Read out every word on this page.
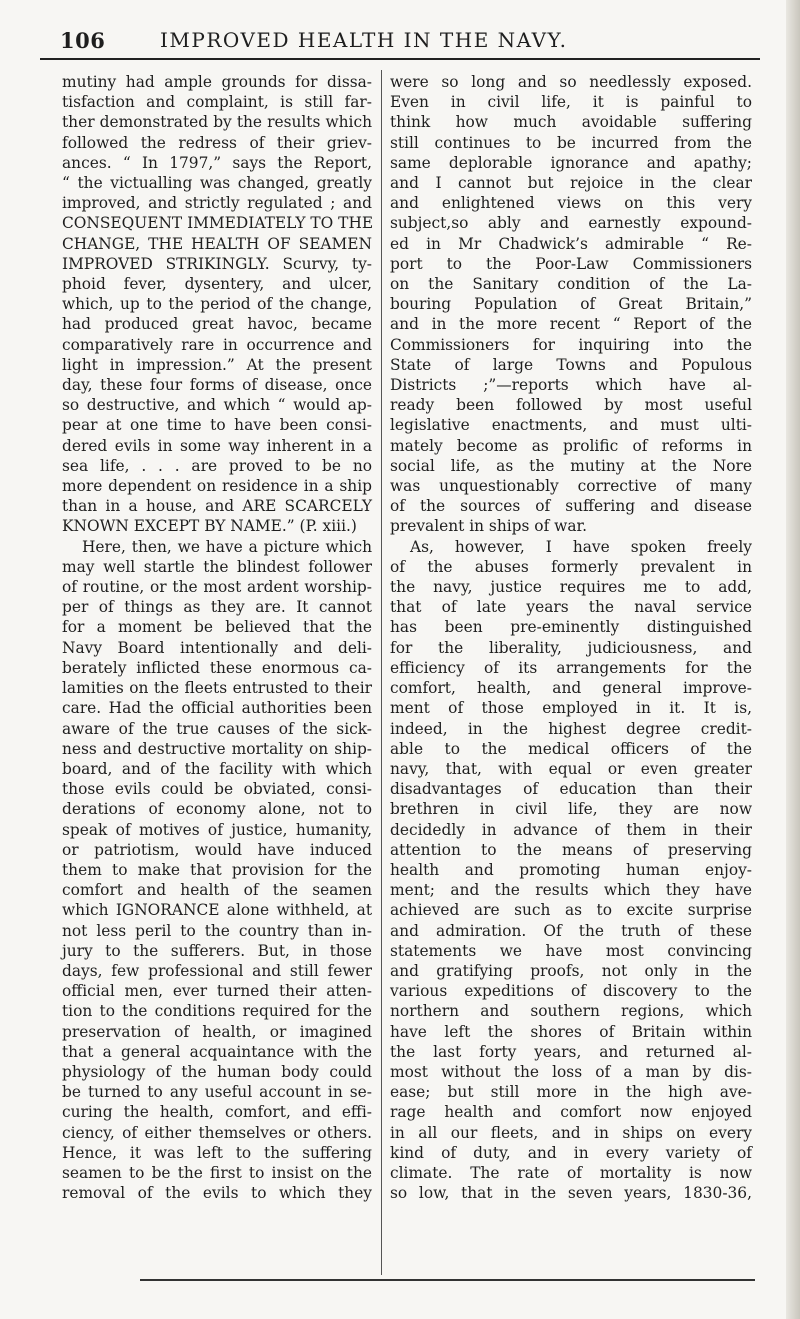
106	IMPROVED HEALTH IN THE NAVY.
mutiny had ample grounds for dissa-
tisfaction and complaint, is still far-
ther demonstrated by the results which
followed the redress of their griev-
ances. “ In 1797,” says the Report,
“ the victualling was changed, greatly
improved, and strictly regulated ; and
CONSEQUENT IMMEDIATELY TO THE
CHANGE, THE HEALTH OF SEAMEN
IMPROVED STRIKINGLY. Scurvy, ty-
phoid fever, dysentery, and ulcer,
which, up to the period of the change,
had produced great havoc, became
comparatively rare in occurrence and
light in impression.” At the present
day, these four forms of disease, once
so destructive, and which “ would ap-
pear at one time to have been consi-
dered evils in some way inherent in a
sea life, . . . are proved to be no
more dependent on residence in a ship
than in a house, and ARE SCARCELY
KNOWN EXCEPT BY NAME.” (P. xiii.)
Here, then, we have a picture which
may well startle the blindest follower
of routine, or the most ardent worship-
per of things as they are. It cannot
for a moment be believed that the
Navy Board intentionally and deli-
berately inflicted these enormous ca-
lamities on the fleets entrusted to their
care. Had the official authorities been
aware of the true causes of the sick-
ness and destructive mortality on ship-
board, and of the facility with which
those evils could be obviated, consi-
derations of economy alone, not to
speak of motives of justice, humanity,
or patriotism, would have induced
them to make that provision for the
comfort and health of the seamen
which IGNORANCE alone withheld, at
not less peril to the country than in-
jury to the sufferers. But, in those
days, few professional and still fewer
official men, ever turned their atten-
tion to the conditions required for the
preservation of health, or imagined
that a general acquaintance with the
physiology of the human body could
be turned to any useful account in se-
curing the health, comfort, and effi-
ciency, of either themselves or others.
Hence, it was left to the suffering
seamen to be the first to insist on the
removal of the evils to which they
were so long and so needlessly exposed.
Even in civil life, it is painful to
think how much avoidable suffering
still continues to be incurred from the
same deplorable ignorance and apathy;
and I cannot but rejoice in the clear
and enlightened views on this very
subject,so ably and earnestly expound-
ed in Mr Chadwick’s admirable “ Re-
port to the Poor-Law Commissioners
on the Sanitary condition of the La-
bouring Population of Great Britain,”
and in the more recent “ Report of the
Commissioners for inquiring into the
State of large Towns and Populous
Districts ;”—reports which have al-
ready been followed by most useful
legislative enactments, and must ulti-
mately become as prolific of reforms in
social life, as the mutiny at the Nore
was unquestionably corrective of many
of the sources of suffering and disease
prevalent in ships of war.
As, however, I have spoken freely
of the abuses formerly prevalent in
the navy, justice requires me to add,
that of late years the naval service
has been pre-eminently distinguished
for the liberality, judiciousness, and
efficiency of its arrangements for the
comfort, health, and general improve-
ment of those employed in it. It is,
indeed, in the highest degree credit-
able to the medical officers of the
navy, that, with equal or even greater
disadvantages of education than their
brethren in civil life, they are now
decidedly in advance of them in their
attention to the means of preserving
health and promoting human enjoy-
ment; and the results which they have
achieved are such as to excite surprise
and admiration. Of the truth of these
statements we have most convincing
and gratifying proofs, not only in the
various expeditions of discovery to the
northern and southern regions, which
have left the shores of Britain within
the last forty years, and returned al-
most without the loss of a man by dis-
ease; but still more in the high ave-
rage health and comfort now enjoyed
in all our fleets, and in ships on every
kind of duty, and in every variety of
climate. The rate of mortality is now
so low, that in the seven years, 1830-36,
